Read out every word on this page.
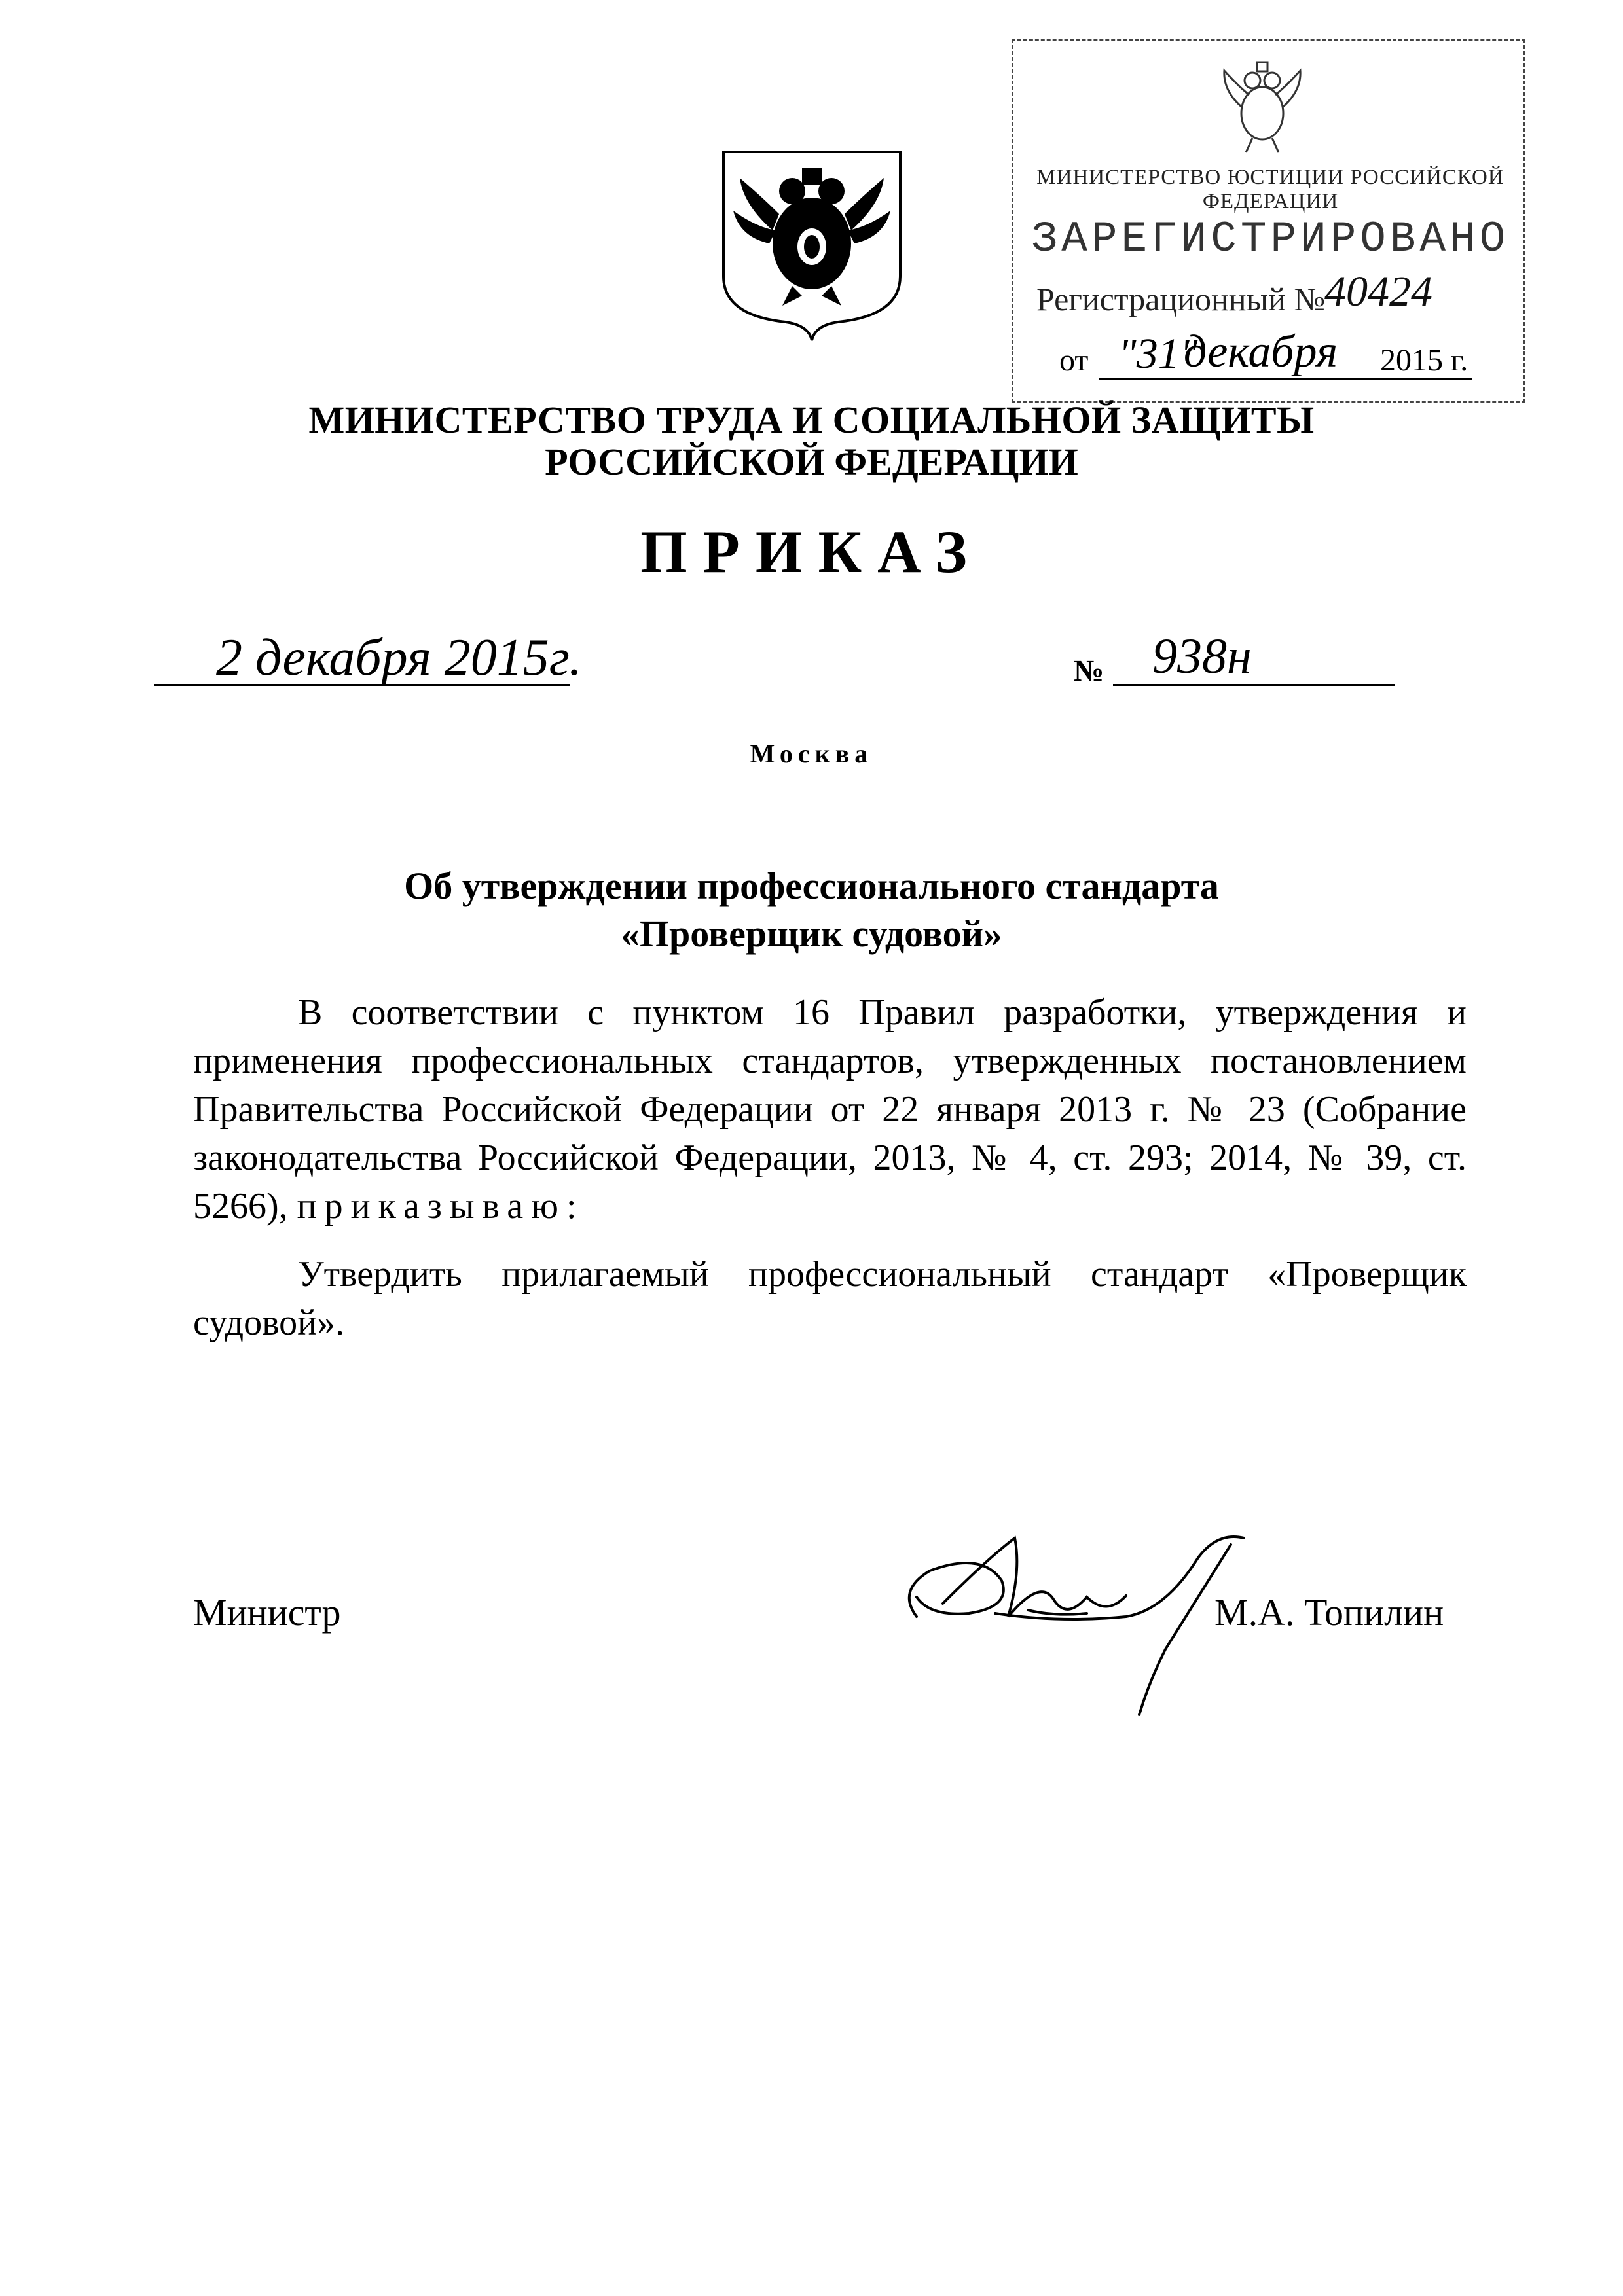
МИНИСТЕРСТВО ЮСТИЦИИ РОССИЙСКОЙ ФЕДЕРАЦИИ
ЗАРЕГИСТРИРОВАНО
Регистрационный №
40424
от "31"
декабря 2015 г.
МИНИСТЕРСТВО ТРУДА И СОЦИАЛЬНОЙ ЗАЩИТЫ
РОССИЙСКОЙ ФЕДЕРАЦИИ
ПРИКАЗ
2 декабря 2015г.	№ 938н
Москва
Об утверждении профессионального стандарта
«Проверщик судовой»
В соответствии с пунктом 16 Правил разработки, утверждения и применения профессиональных стандартов, утвержденных постановлением Правительства Российской Федерации от 22 января 2013 г. № 23 (Собрание законодательства Российской Федерации, 2013, № 4, ст. 293; 2014, № 39, ст. 5266), приказываю:
Утвердить прилагаемый профессиональный стандарт «Проверщик судовой».
Министр	М.А. Топилин
